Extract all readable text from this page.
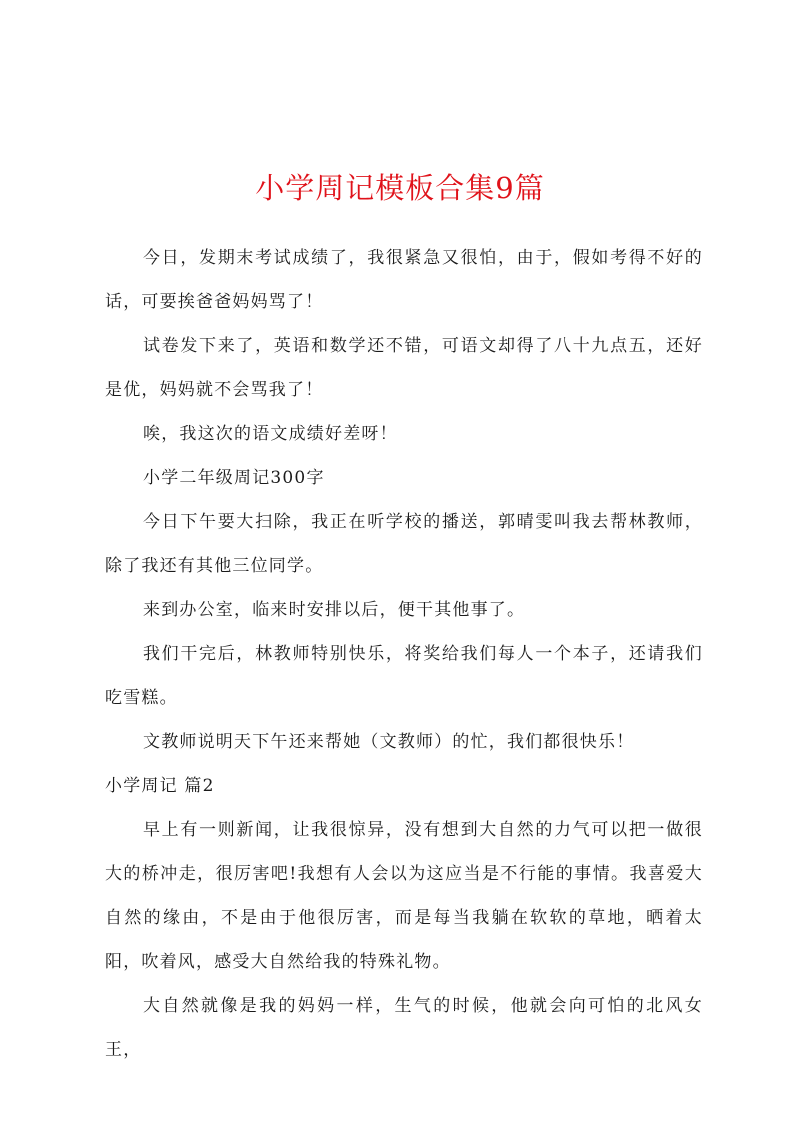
小学周记模板合集9篇

今日，发期末考试成绩了，我很紧急又很怕，由于，假如考得不好的话，可要挨爸爸妈妈骂了！

试卷发下来了，英语和数学还不错，可语文却得了八十九点五，还好是优，妈妈就不会骂我了！

唉，我这次的语文成绩好差呀！

小学二年级周记300字

今日下午要大扫除，我正在听学校的播送，郭晴雯叫我去帮林教师，除了我还有其他三位同学。

来到办公室，临来时安排以后，便干其他事了。

我们干完后，林教师特别快乐，将奖给我们每人一个本子，还请我们吃雪糕。

文教师说明天下午还来帮她（文教师）的忙，我们都很快乐！

小学周记 篇2

早上有一则新闻，让我很惊异，没有想到大自然的力气可以把一做很大的桥冲走，很厉害吧!我想有人会以为这应当是不行能的事情。我喜爱大自然的缘由，不是由于他很厉害，而是每当我躺在软软的草地，晒着太阳，吹着风，感受大自然给我的特殊礼物。

大自然就像是我的妈妈一样，生气的时候，他就会向可怕的北风女王，
